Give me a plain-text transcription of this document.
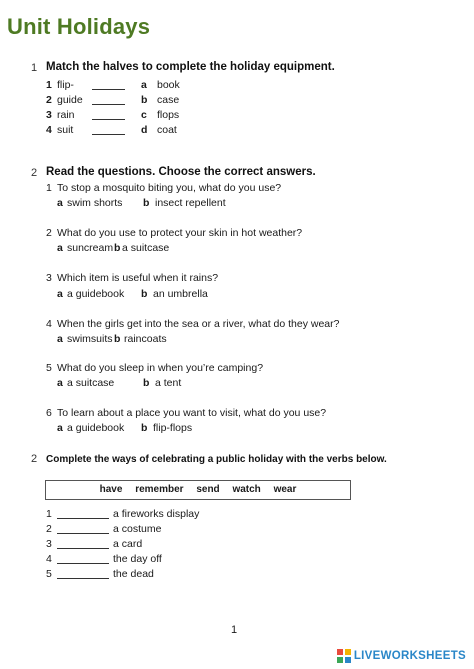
Unit Holidays
1 Match the halves to complete the holiday equipment.
1 flip-	a book
2 guide	b case
3 rain	c flops
4 suit	d coat
2 Read the questions. Choose the correct answers.
1 To stop a mosquito biting you, what do you use?
a swim shorts b insect repellent
2 What do you use to protect your skin in hot weather?
a suncream b a suitcase
3 Which item is useful when it rains?
a a guidebook b an umbrella
4 When the girls get into the sea or a river, what do they wear?
a swimsuits b raincoats
5 What do you sleep in when you’re camping?
a a suitcase	b a tent
6 To learn about a place you want to visit, what do you use?
a a guidebook b flip-flops
2 Complete the ways of celebrating a public holiday with the verbs below.
have remember send watch wear
1	a fireworks display
2	a costume
3	a card
4	the day off
5	the dead
1
LIVEWORKSHEETS
